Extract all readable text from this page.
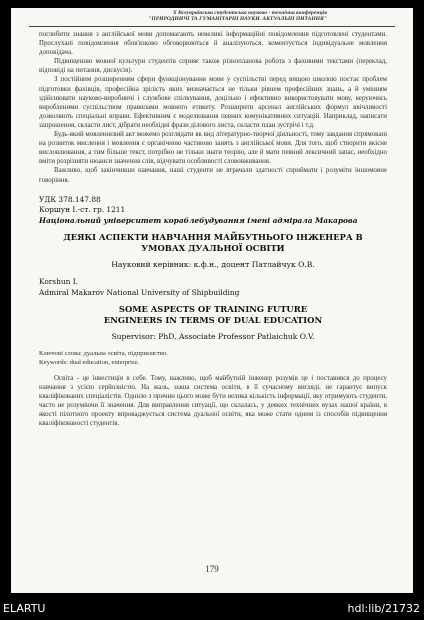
X Всеукраїнська студентська науково - технічна конференція
"ПРИРОДНИЧІ ТА ГУМАНІТАРНІ НАУКИ. АКТУАЛЬНІ ПИТАННЯ"

поглибити знання з англійської мови допомагають невеликі інформаційні повідомлення підготовлені студентами. Прослухані повідомлення обов'язково обговорюються й аналізуються, коментується індивідуальне мовлення доповідача.

Підвищенню мовної культури студентів сприяє також різнопланова робота з фаховими текстами (переклад, відповіді на питання, дискусія).

З постійним розширенням сфери функціонування мови у суспільстві перед вищою школою постає проблем підготовки фахівців, професійна зрілість яких визначається не тільки рівнем професійних знань, а й умінням здійснювати науково-виробничі і службове спілкування, доцільно і ефективно використовувати мову, керуючись виробленими суспільством правилами мовного етикету. Розширити арсенал англійських формул ввічливості дозволяють спеціальні вправи. Ефективним є моделювання певних комунікативних ситуацій. Наприклад, написати запрошення, скласти лист, дібрати необхідні фрази ділового листа, скласти план зустрічі і т.д.

Будь-який мовленнєвий акт можемо розглядати як вид літературно-творчої діяльності, тому завдання спрямовані на розвиток мислення і мовлення є органічною частиною занять з англійської мови. Для того, щоб створити якісне висловлювання, а тим більше текст, потрібно не тільки знати теорію, але й мати певний лексичний запас, необхідно вміти розрізняти нюанси значення слів, відчувати особливості слововживання.

Важливо, щоб закінчивши навчання, наші студенти не втрачали здатності сприймати і розуміти іншомовне говоріння.

УДК 378.147.88
Коршун І.-ст. гр. 1211
Національний університет кораблебудування імені адмірала Макарова

ДЕЯКІ АСПЕКТИ НАВЧАННЯ МАЙБУТНЬОГО ІНЖЕНЕРА В УМОВАХ ДУАЛЬНОЇ ОСВІТИ

Науковий керівник: к.ф.н., доцент Патлайчук О.В.
Korshun I.
Admiral Makarov National University of Shipbuilding

SOME ASPECTS OF TRAINING FUTURE ENGINEERS IN TERMS OF DUAL EDUCATION

Supervisor: PhD, Associate Professor Patlaichuk O.V.
Ключові слова: дуальна освіта, підприємство.
Keywords: dual education, enterprise.

Освіта - це інвестиція в себе. Тому, важливо, щоб майбутній інженер розумів це і поставився до процесу навчання з усією серйозністю. На жаль, наша система освіти, в її сучасному вигляді, не гарантує випуск кваліфікованих спеціалістів. Однією з причин цього може бути велика кількість інформації, яку отримують студенти, часто не розуміючи її значення. Для виправлення ситуації, що склалась, у деяких технічних вузах нашої країни, в якості пілотного проекту впроваджується система дуальної освіти, яка може стати одним із способів підвищення кваліфікованості студентів.

179
ELARTU	hdl:lib/21732
